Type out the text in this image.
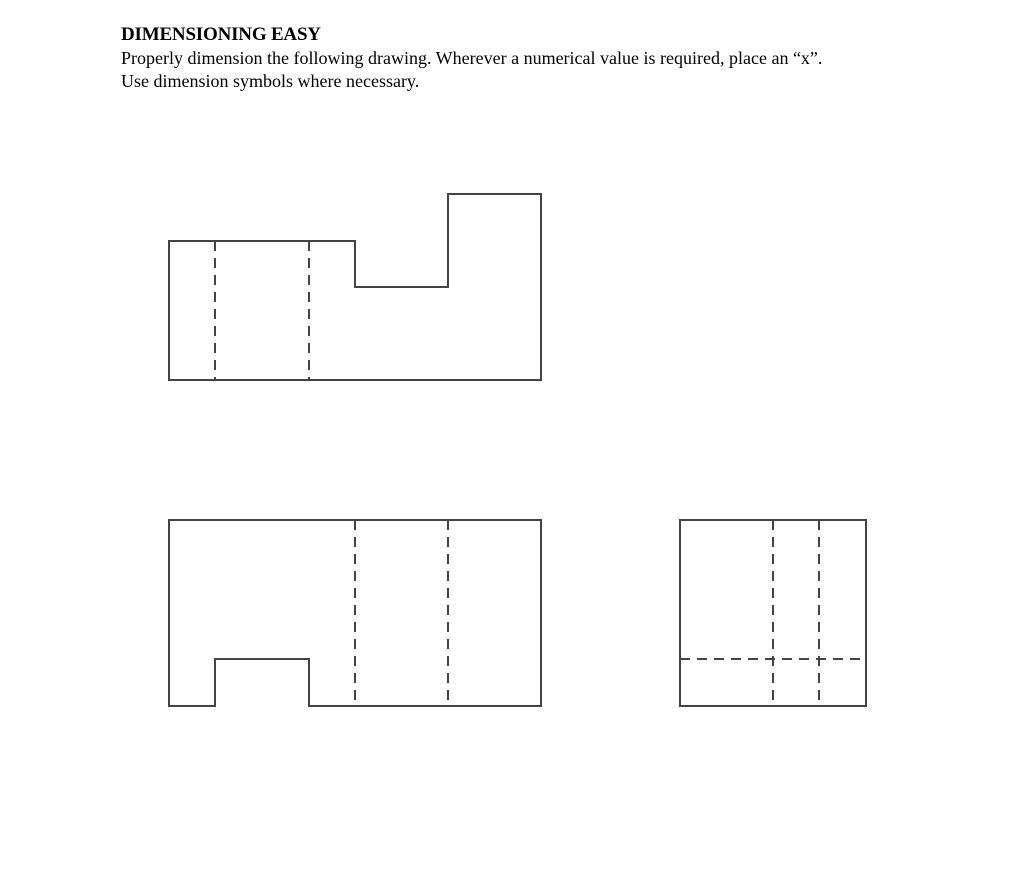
DIMENSIONING EASY
Properly dimension the following drawing. Wherever a numerical value is required, place an “x”.
Use dimension symbols where necessary.
